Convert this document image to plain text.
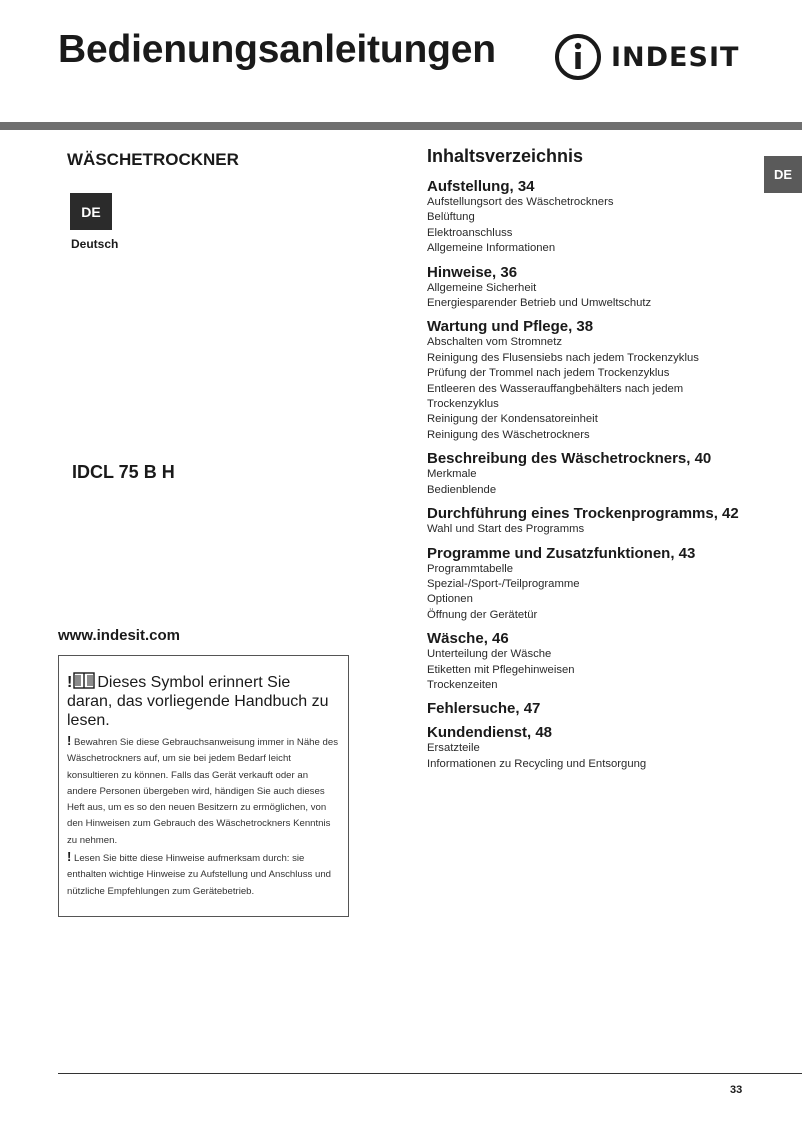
Bedienungsanleitungen	INDESIT
WÄSCHETROCKNER
DE
Deutsch
IDCL 75 B H
www.indesit.com
! Dieses Symbol erinnert Sie daran, das vorliegende Handbuch zu lesen.
! Bewahren Sie diese Gebrauchsanweisung immer in Nähe des Wäschetrockners auf, um sie bei jedem Bedarf leicht konsultieren zu können. Falls das Gerät verkauft oder an andere Personen übergeben wird, händigen Sie auch dieses Heft aus, um es so den neuen Besitzern zu ermöglichen, von den Hinweisen zum Gebrauch des Wäschetrockners Kenntnis zu nehmen.
! Lesen Sie bitte diese Hinweise aufmerksam durch: sie enthalten wichtige Hinweise zu Aufstellung und Anschluss und nützliche Empfehlungen zum Gerätebetrieb.
DE
Inhaltsverzeichnis
Aufstellung, 34
Aufstellungsort des Wäschetrockners
Belüftung
Elektroanschluss
Allgemeine Informationen
Hinweise, 36
Allgemeine Sicherheit
Energiesparender Betrieb und Umweltschutz
Wartung und Pflege, 38
Abschalten vom Stromnetz
Reinigung des Flusensiebs nach jedem Trockenzyklus
Prüfung der Trommel nach jedem Trockenzyklus
Entleeren des Wasserauffangbehälters nach jedem Trockenzyklus
Reinigung der Kondensatoreinheit
Reinigung des Wäschetrockners
Beschreibung des Wäschetrockners, 40
Merkmale
Bedienblende
Durchführung eines Trockenprogramms, 42
Wahl und Start des Programms
Programme und Zusatzfunktionen, 43
Programmtabelle
Spezial-/Sport-/Teilprogramme
Optionen
Öffnung der Gerätetür
Wäsche, 46
Unterteilung der Wäsche
Etiketten mit Pflegehinweisen
Trockenzeiten
Fehlersuche, 47
Kundendienst, 48
Ersatzteile
Informationen zu Recycling und Entsorgung
33
